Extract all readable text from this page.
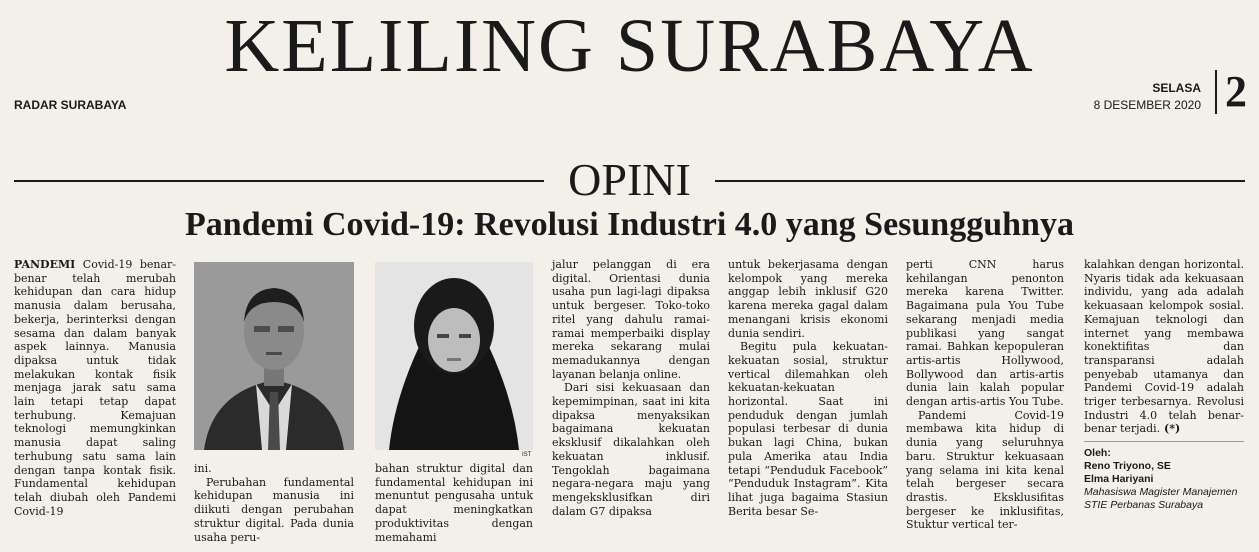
KELILING SURABAYA
RADAR SURABAYA
SELASA
8 DESEMBER 2020 2
OPINI
Pandemi Covid-19: Revolusi Industri 4.0 yang Sesungguhnya

PANDEMI Covid-19 benar-benar telah merubah kehidupan dan cara hidup manusia dalam berusaha, bekerja, berinterksi dengan sesama dan dalam banyak aspek lainnya. Manusia dipaksa untuk tidak melakukan kontak fisik menjaga jarak satu sama lain tetapi tetap dapat terhubung. Kemajuan teknologi memungkinkan manusia dapat saling terhubung satu sama lain dengan tanpa kontak fisik. Fundamental kehidupan telah diubah oleh Pandemi Covid-19

IST

ini.

Perubahan fundamental kehidupan manusia ini diikuti dengan perubahan struktur digital. Pada dunia usaha peru-

bahan struktur digital dan fundamental kehidupan ini menuntut pengusaha untuk dapat meningkatkan produktivitas dengan memahami

jalur pelanggan di era digital. Orientasi dunia usaha pun lagi-lagi dipaksa untuk bergeser. Toko-toko ritel yang dahulu ramai-ramai memperbaiki display mereka sekarang mulai memadukannya dengan layanan belanja online.

Dari sisi kekuasaan dan kepemimpinan, saat ini kita dipaksa menyaksikan bagaimana kekuatan eksklusif dikalahkan oleh kekuatan inklusif. Tengoklah bagaimana negara-negara maju yang mengeksklusifkan diri dalam G7 dipaksa

untuk bekerjasama dengan kelompok yang mereka anggap lebih inklusif G20 karena mereka gagal dalam menangani krisis ekonomi dunia sendiri.

Begitu pula kekuatan-kekuatan sosial, struktur vertical dilemahkan oleh kekuatan-kekuatan horizontal. Saat ini penduduk dengan jumlah populasi terbesar di dunia bukan lagi China, bukan pula Amerika atau India tetapi “Penduduk Facebook” “Penduduk Instagram”. Kita lihat juga bagaima Stasiun Berita besar Se-

perti CNN harus kehilangan penonton mereka karena Twitter. Bagaimana pula You Tube sekarang menjadi media publikasi yang sangat ramai. Bahkan kepopuleran artis-artis Hollywood, Bollywood dan artis-artis dunia lain kalah popular dengan artis-artis You Tube.

Pandemi Covid-19 membawa kita hidup di dunia yang seluruhnya baru. Struktur kekuasaan yang selama ini kita kenal telah bergeser secara drastis. Eksklusifitas bergeser ke inklusifitas, Stuktur vertical ter-

kalahkan dengan horizontal. Nyaris tidak ada kekuasaan individu, yang ada adalah kekuasaan kelompok sosial. Kemajuan teknologi dan internet yang membawa konektifitas dan transparansi adalah penyebab utamanya dan Pandemi Covid-19 adalah triger terbesarnya. Revolusi Industri 4.0 telah benar-benar terjadi. (*)

Oleh:
Reno Triyono, SE
Elma Hariyani
Mahasiswa Magister Manajemen
STIE Perbanas Surabaya
